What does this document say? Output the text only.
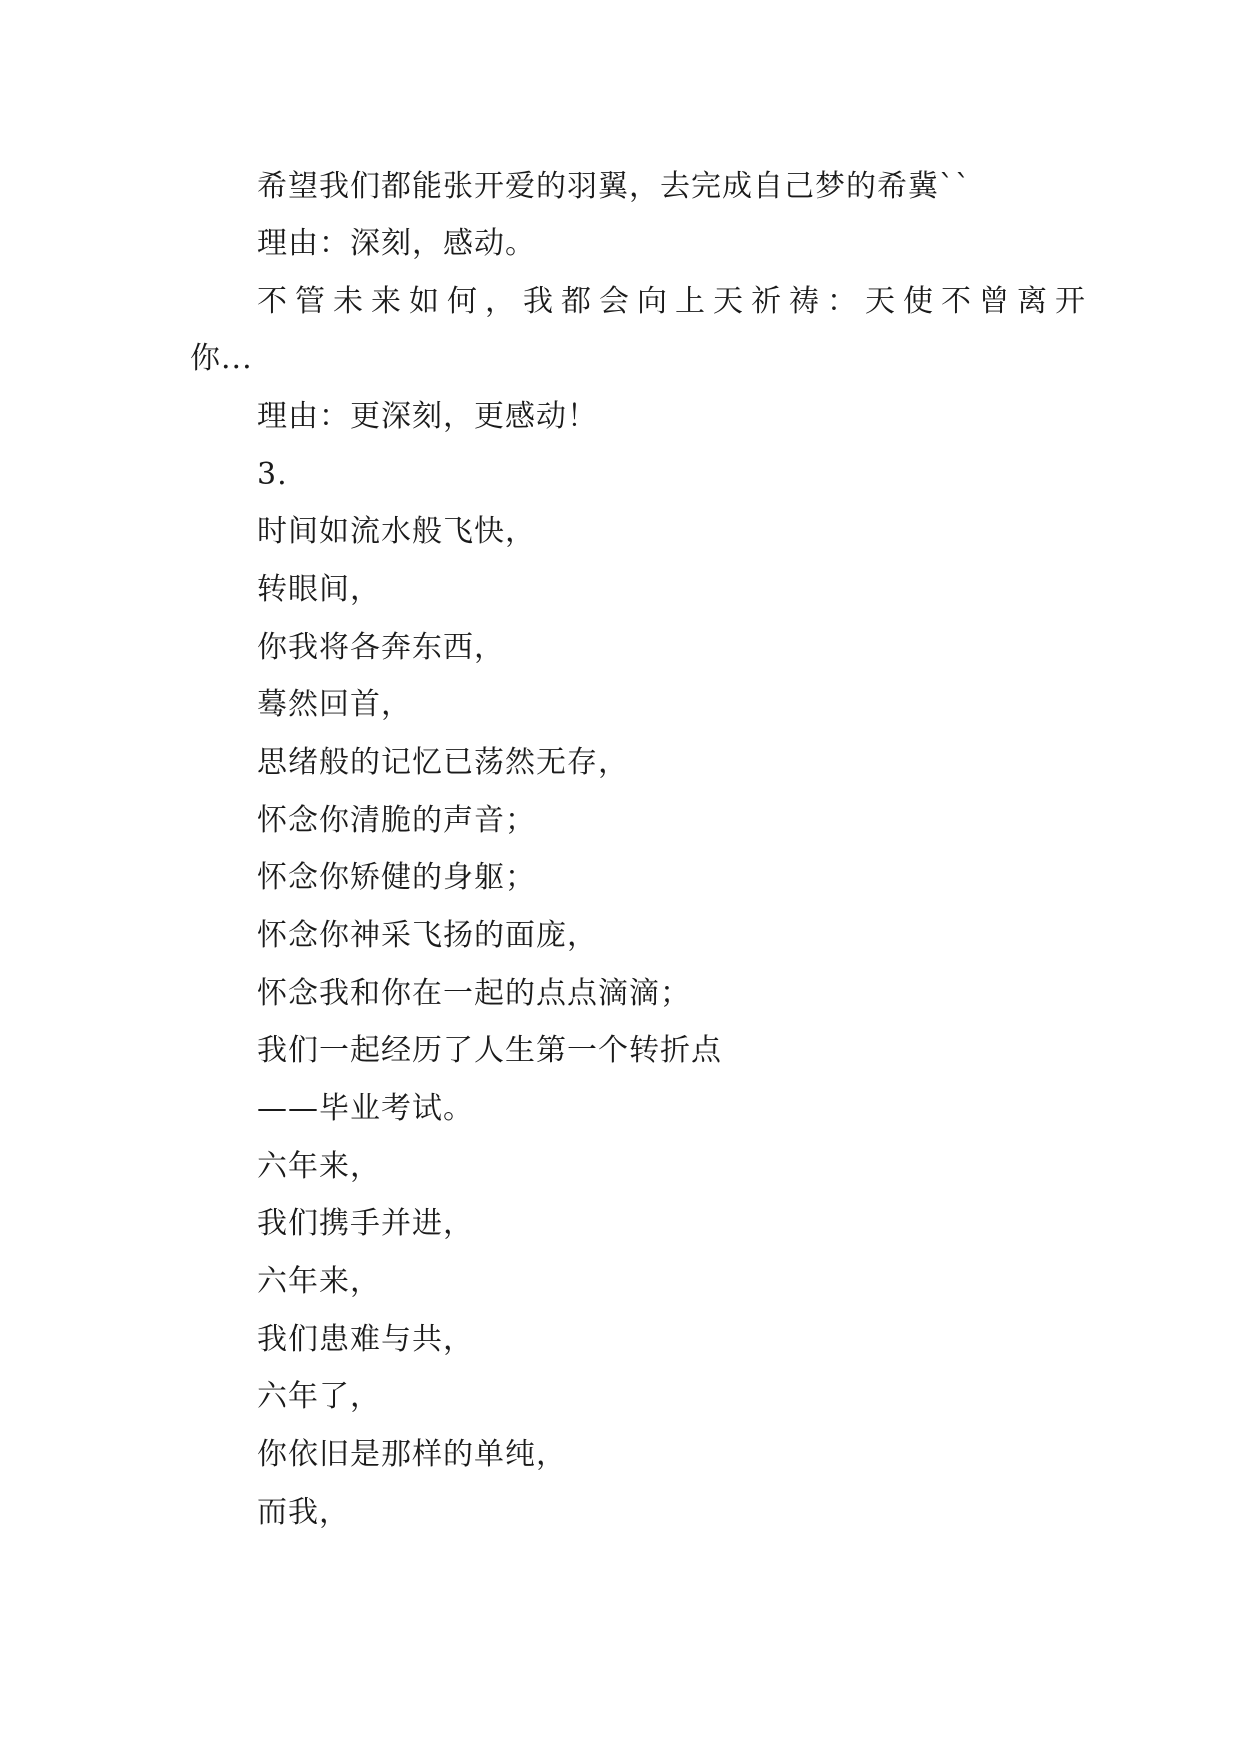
希望我们都能张开爱的羽翼，去完成自己梦的希冀``
理由：深刻，感动。
不管未来如何，我都会向上天祈祷：天使不曾离开
你...
理由：更深刻，更感动！
3.
时间如流水般飞快，
转眼间，
你我将各奔东西，
蓦然回首，
思绪般的记忆已荡然无存，
怀念你清脆的声音；
怀念你矫健的身躯；
怀念你神采飞扬的面庞，
怀念我和你在一起的点点滴滴；
我们一起经历了人生第一个转折点
——毕业考试。
六年来，
我们携手并进，
六年来，
我们患难与共，
六年了，
你依旧是那样的单纯，
而我，
